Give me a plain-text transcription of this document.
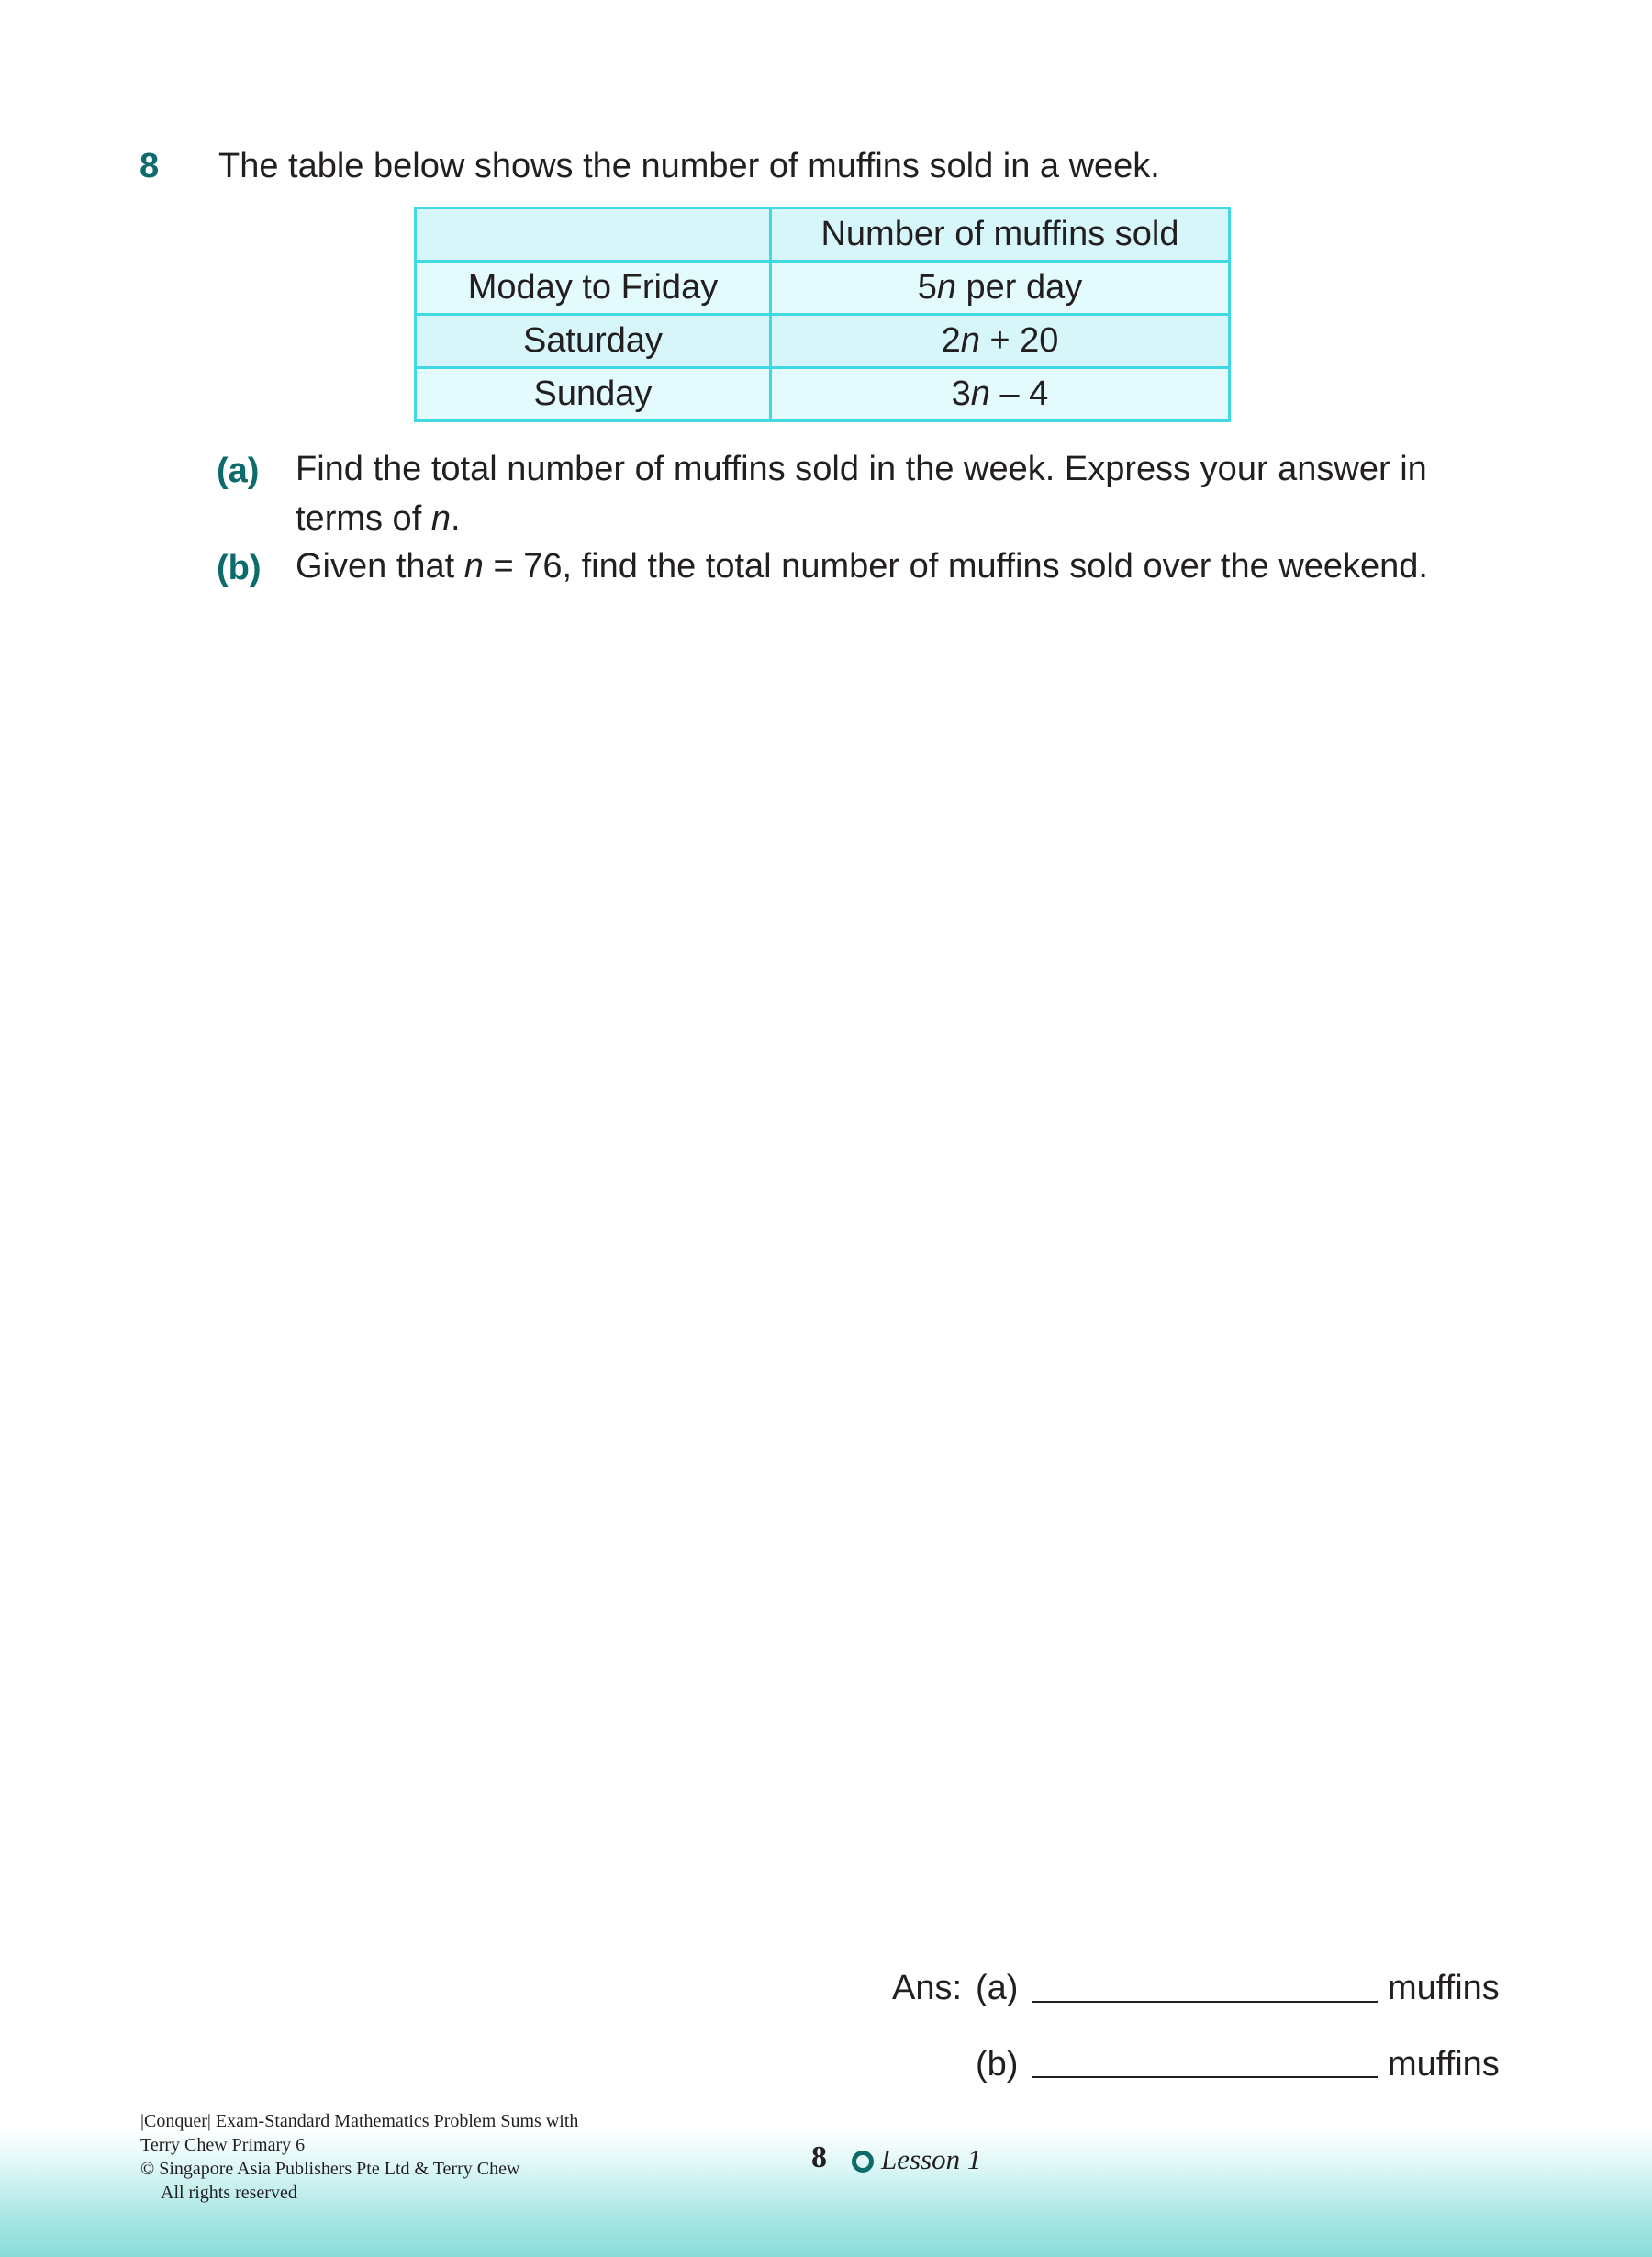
8 The table below shows the number of muffins sold in a week.
	Number of muffins sold
Moday to Friday	5n per day
Saturday	2n + 20
Sunday	3n – 4
(a) Find the total number of muffins sold in the week. Express your answer in terms of n.
(b) Given that n = 76, find the total number of muffins sold over the weekend.
Ans: (a)	muffins
(b)	muffins
|Conquer| Exam-Standard Mathematics Problem Sums with
Terry Chew Primary 6
© Singapore Asia Publishers Pte Ltd & Terry Chew
All rights reserved
8 Lesson 1
